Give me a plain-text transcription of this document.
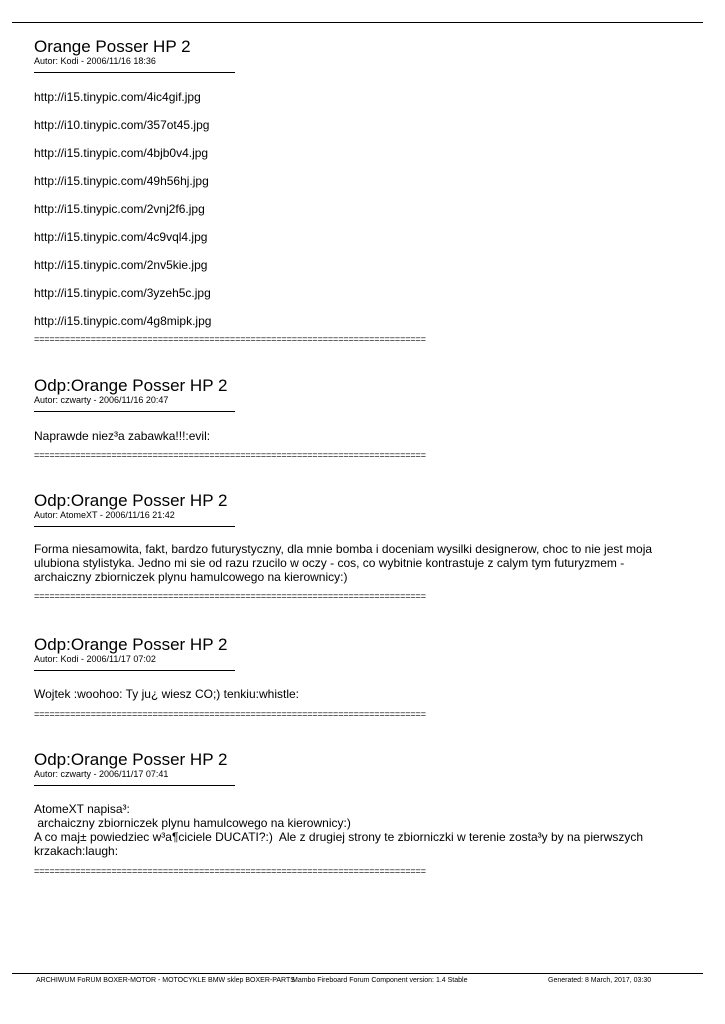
Orange Posser HP 2

Autor: Kodi - 2006/11/16 18:36

http://i15.tinypic.com/4ic4gif.jpg

http://i10.tinypic.com/357ot45.jpg

http://i15.tinypic.com/4bjb0v4.jpg

http://i15.tinypic.com/49h56hj.jpg

http://i15.tinypic.com/2vnj2f6.jpg

http://i15.tinypic.com/4c9vql4.jpg

http://i15.tinypic.com/2nv5kie.jpg

http://i15.tinypic.com/3yzeh5c.jpg

http://i15.tinypic.com/4g8mipk.jpg

============================================================================

Odp:Orange Posser HP 2

Autor: czwarty - 2006/11/16 20:47

Naprawde niez³a zabawka!!!:evil:

============================================================================

Odp:Orange Posser HP 2

Autor: AtomeXT - 2006/11/16 21:42

Forma niesamowita, fakt, bardzo futurystyczny, dla mnie bomba i doceniam wysilki designerow, choc to nie jest moja

ulubiona stylistyka. Jedno mi sie od razu rzucilo w oczy - cos, co wybitnie kontrastuje z calym tym futuryzmem -

archaiczny zbiorniczek plynu hamulcowego na kierownicy:)

============================================================================

Odp:Orange Posser HP 2

Autor: Kodi - 2006/11/17 07:02

Wojtek :woohoo: Ty ju¿ wiesz CO;) tenkiu:whistle:

============================================================================

Odp:Orange Posser HP 2

Autor: czwarty - 2006/11/17 07:41

AtomeXT napisa³:

archaiczny zbiorniczek plynu hamulcowego na kierownicy:)

A co maj± powiedziec w³a¶ciciele DUCATI?:)  Ale z drugiej strony te zbiorniczki w terenie zosta³y by na pierwszych

krzakach:laugh:

============================================================================

ARCHIWUM FoRUM BOXER-MOTOR - MOTOCYKLE BMW sklep BOXER-PARTS
Mambo Fireboard Forum Component version: 1.4 Stable	Generated: 8 March, 2017, 03:30
